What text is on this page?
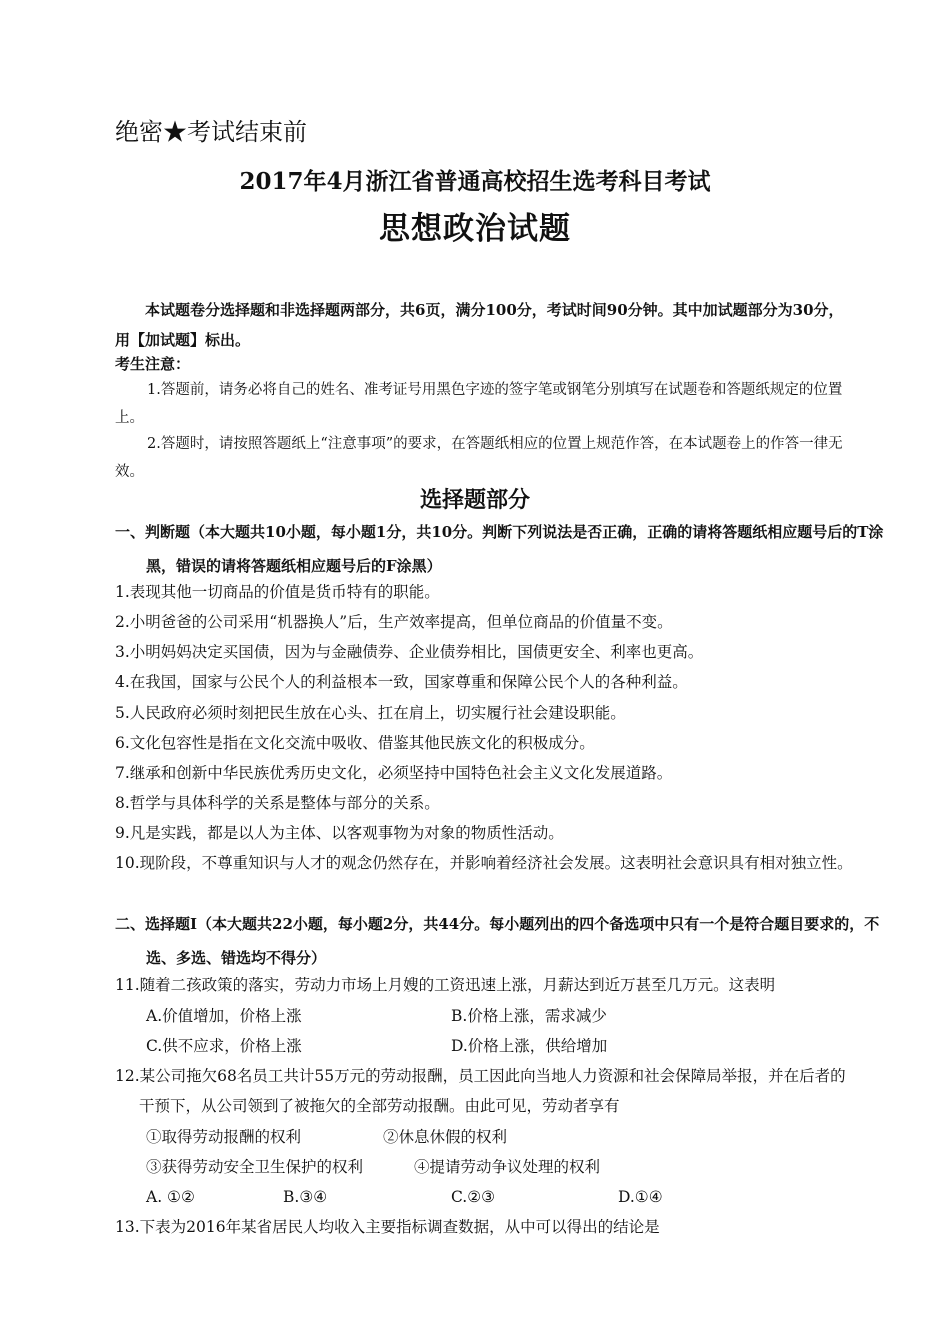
绝密★考试结束前
2017年4月浙江省普通高校招生选考科目考试
思想政治试题
本试题卷分选择题和非选择题两部分，共6页，满分100分，考试时间90分钟。其中加试题部分为30分，用【加试题】标出。
考生注意：
1.答题前，请务必将自己的姓名、准考证号用黑色字迹的签字笔或钢笔分别填写在试题卷和答题纸规定的位置上。
2.答题时，请按照答题纸上“注意事项”的要求，在答题纸相应的位置上规范作答，在本试题卷上的作答一律无效。
选择题部分
一、判断题（本大题共10小题，每小题1分，共10分。判断下列说法是否正确，正确的请将答题纸相应题号后的T涂黑，错误的请将答题纸相应题号后的F涂黑）
1.表现其他一切商品的价值是货币特有的职能。
2.小明爸爸的公司采用“机器换人”后，生产效率提高，但单位商品的价值量不变。
3.小明妈妈决定买国债，因为与金融债券、企业债券相比，国债更安全、利率也更高。
4.在我国，国家与公民个人的利益根本一致，国家尊重和保障公民个人的各种利益。
5.人民政府必须时刻把民生放在心头、扛在肩上，切实履行社会建设职能。
6.文化包容性是指在文化交流中吸收、借鉴其他民族文化的积极成分。
7.继承和创新中华民族优秀历史文化，必须坚持中国特色社会主义文化发展道路。
8.哲学与具体科学的关系是整体与部分的关系。
9.凡是实践，都是以人为主体、以客观事物为对象的物质性活动。
10.现阶段，不尊重知识与人才的观念仍然存在，并影响着经济社会发展。这表明社会意识具有相对独立性。
二、选择题Ⅰ（本大题共22小题，每小题2分，共44分。每小题列出的四个备选项中只有一个是符合题目要求的，不选、多选、错选均不得分）
11.随着二孩政策的落实，劳动力市场上月嫂的工资迅速上涨，月薪达到近万甚至几万元。这表明
A.价值增加，价格上涨	B.价格上涨，需求减少
C.供不应求，价格上涨	D.价格上涨，供给增加
12.某公司拖欠68名员工共计55万元的劳动报酬，员工因此向当地人力资源和社会保障局举报，并在后者的干预下，从公司领到了被拖欠的全部劳动报酬。由此可见，劳动者享有
①取得劳动报酬的权利	②休息休假的权利
③获得劳动安全卫生保护的权利	④提请劳动争议处理的权利
A. ①②	B.③④	C.②③	D.①④
13.下表为2016年某省居民人均收入主要指标调查数据，从中可以得出的结论是
